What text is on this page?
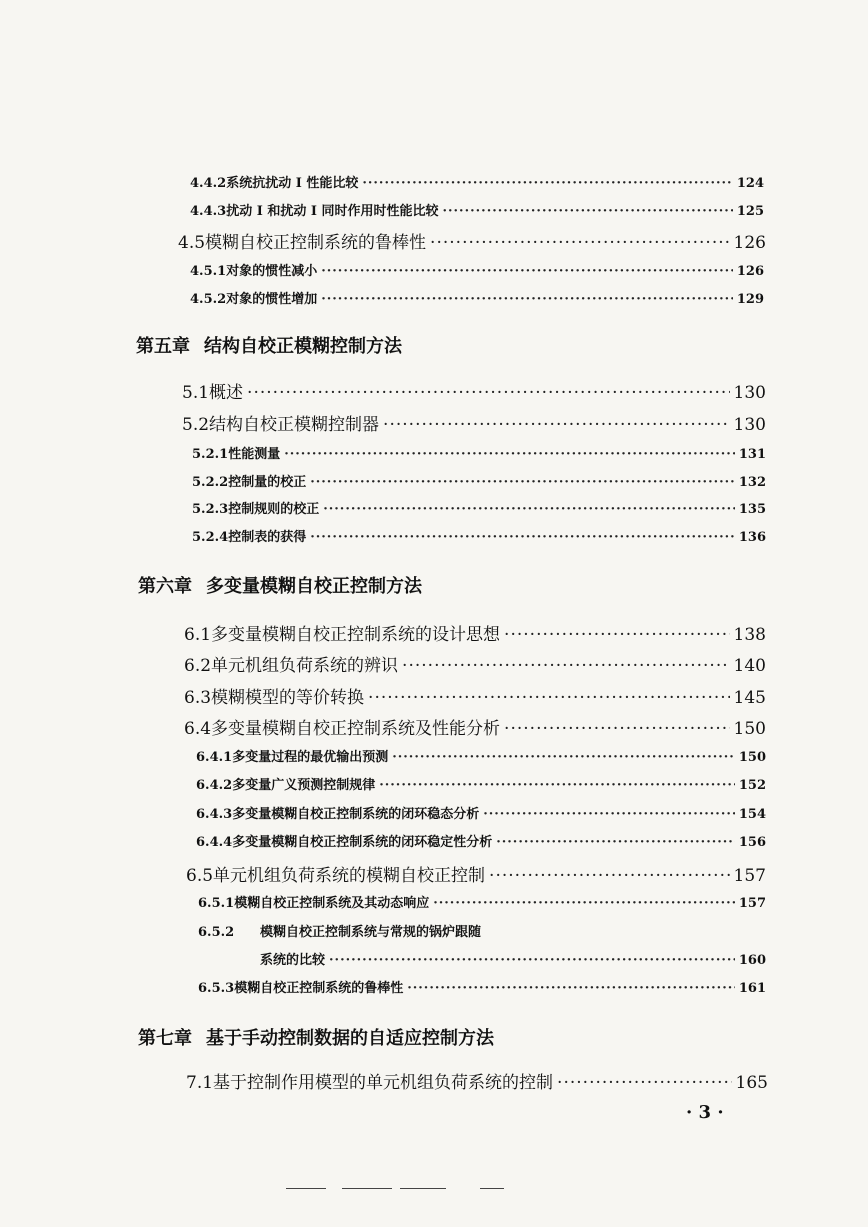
4.4.2 系统抗扰动 I 性能比较 ·····	124
4.4.3 扰动 I 和扰动 I 同时作用时性能比较 ·····	125
4.5 模糊自校正控制系统的鲁棒性 ·····	126
4.5.1 对象的惯性减小 ·····	126
4.5.2 对象的惯性增加 ·····	129
第五章 结构自校正模糊控制方法
5.1 概述 ·····	130
5.2 结构自校正模糊控制器 ·····	130
5.2.1 性能测量 ·····	131
5.2.2 控制量的校正 ·····	132
5.2.3 控制规则的校正 ·····	135
5.2.4 控制表的获得 ·····	136
第六章 多变量模糊自校正控制方法
6.1 多变量模糊自校正控制系统的设计思想 ·····	138
6.2 单元机组负荷系统的辨识 ·····	140
6.3 模糊模型的等价转换 ·····	145
6.4 多变量模糊自校正控制系统及性能分析 ·····	150
6.4.1 多变量过程的最优输出预测 ·····	150
6.4.2 多变量广义预测控制规律 ·····	152
6.4.3 多变量模糊自校正控制系统的闭环稳态分析 ·····	154
6.4.4 多变量模糊自校正控制系统的闭环稳定性分析 ·····	156
6.5 单元机组负荷系统的模糊自校正控制 ·····	157
6.5.1 模糊自校正控制系统及其动态响应 ·····	157
6.5.2	模糊自校正控制系统与常规的锅炉跟随
系统的比较 ·····	160
6.5.3 模糊自校正控制系统的鲁棒性 ·····	161
第七章 基于手动控制数据的自适应控制方法
7.1 基于控制作用模型的单元机组负荷系统的控制 ·····	165
· 3 ·
